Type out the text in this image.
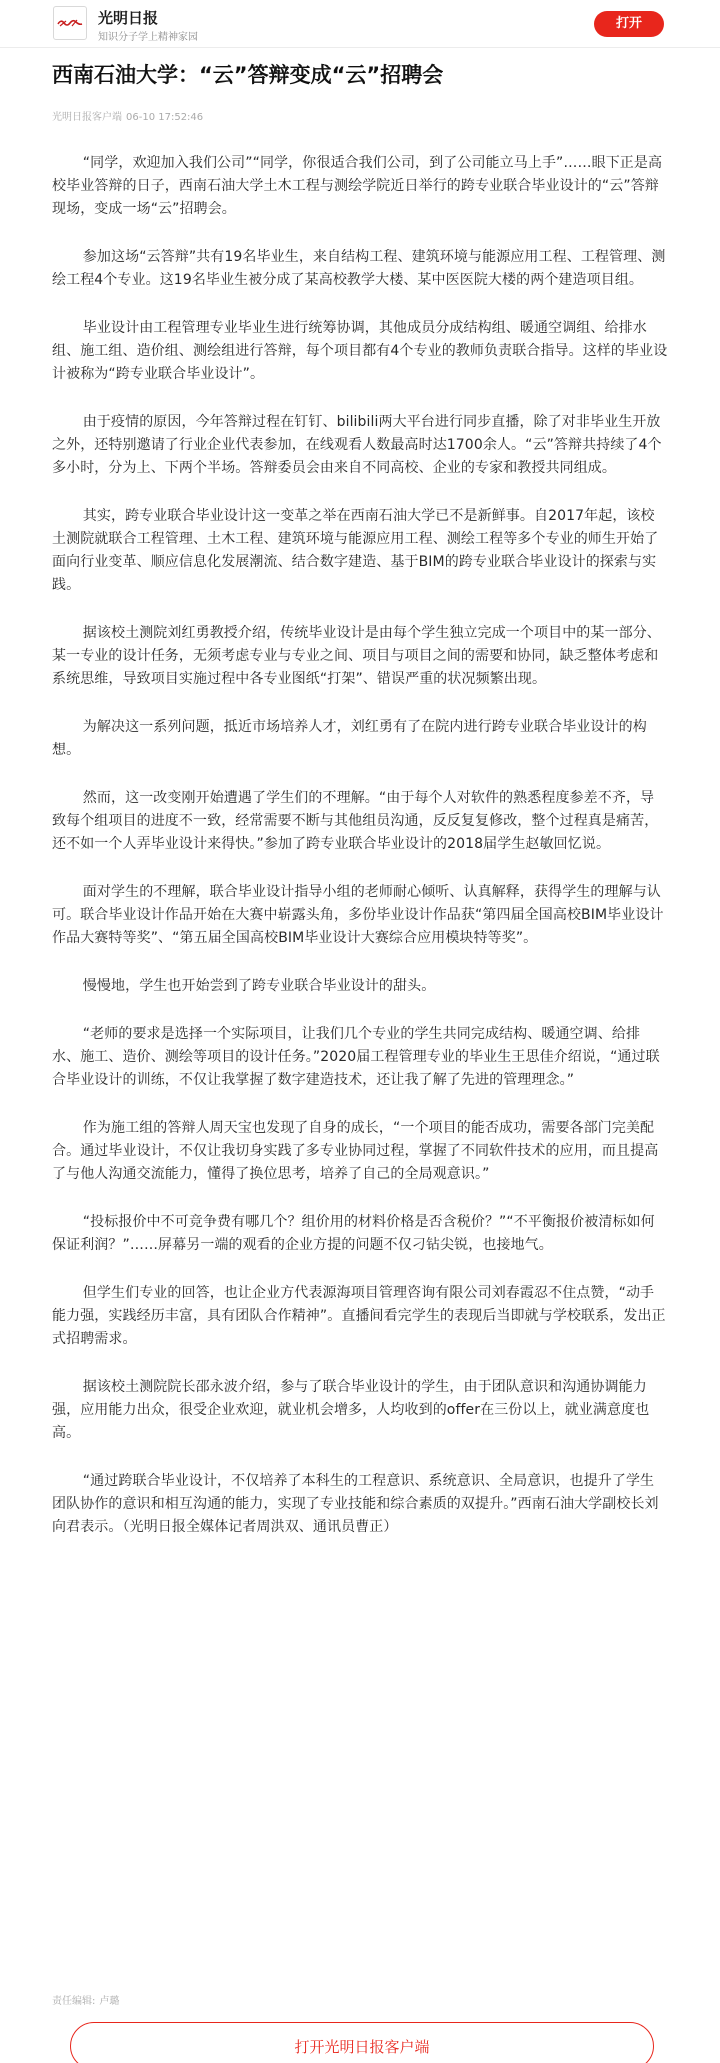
光明日报
知识分子学上精神家园
打开
西南石油大学：“云”答辩变成“云”招聘会
光明日报客户端 06-10 17:52:46

“同学，欢迎加入我们公司”“同学，你很适合我们公司，到了公司能立马上手”……眼下正是高校毕业答辩的日子，西南石油大学土木工程与测绘学院近日举行的跨专业联合毕业设计的“云”答辩现场，变成一场“云”招聘会。

参加这场“云答辩”共有19名毕业生，来自结构工程、建筑环境与能源应用工程、工程管理、测绘工程4个专业。这19名毕业生被分成了某高校教学大楼、某中医医院大楼的两个建造项目组。

毕业设计由工程管理专业毕业生进行统筹协调，其他成员分成结构组、暖通空调组、给排水组、施工组、造价组、测绘组进行答辩，每个项目都有4个专业的教师负责联合指导。这样的毕业设计被称为“跨专业联合毕业设计”。

由于疫情的原因，今年答辩过程在钉钉、bilibili两大平台进行同步直播，除了对非毕业生开放之外，还特别邀请了行业企业代表参加，在线观看人数最高时达1700余人。“云”答辩共持续了4个多小时，分为上、下两个半场。答辩委员会由来自不同高校、企业的专家和教授共同组成。

其实，跨专业联合毕业设计这一变革之举在西南石油大学已不是新鲜事。自2017年起，该校土测院就联合工程管理、土木工程、建筑环境与能源应用工程、测绘工程等多个专业的师生开始了面向行业变革、顺应信息化发展潮流、结合数字建造、基于BIM的跨专业联合毕业设计的探索与实践。

据该校土测院刘红勇教授介绍，传统毕业设计是由每个学生独立完成一个项目中的某一部分、某一专业的设计任务，无须考虑专业与专业之间、项目与项目之间的需要和协同，缺乏整体考虑和系统思维，导致项目实施过程中各专业图纸“打架”、错误严重的状况频繁出现。

为解决这一系列问题，抵近市场培养人才，刘红勇有了在院内进行跨专业联合毕业设计的构想。

然而，这一改变刚开始遭遇了学生们的不理解。“由于每个人对软件的熟悉程度参差不齐，导致每个组项目的进度不一致，经常需要不断与其他组员沟通，反反复复修改，整个过程真是痛苦，还不如一个人弄毕业设计来得快。”参加了跨专业联合毕业设计的2018届学生赵敏回忆说。

面对学生的不理解，联合毕业设计指导小组的老师耐心倾听、认真解释，获得学生的理解与认可。联合毕业设计作品开始在大赛中崭露头角，多份毕业设计作品获“第四届全国高校BIM毕业设计作品大赛特等奖”、“第五届全国高校BIM毕业设计大赛综合应用模块特等奖”。

慢慢地，学生也开始尝到了跨专业联合毕业设计的甜头。

“老师的要求是选择一个实际项目，让我们几个专业的学生共同完成结构、暖通空调、给排水、施工、造价、测绘等项目的设计任务。”2020届工程管理专业的毕业生王思佳介绍说，“通过联合毕业设计的训练，不仅让我掌握了数字建造技术，还让我了解了先进的管理理念。”

作为施工组的答辩人周天宝也发现了自身的成长，“一个项目的能否成功，需要各部门完美配合。通过毕业设计，不仅让我切身实践了多专业协同过程，掌握了不同软件技术的应用，而且提高了与他人沟通交流能力，懂得了换位思考，培养了自己的全局观意识。”

“投标报价中不可竞争费有哪几个？组价用的材料价格是否含税价？”“不平衡报价被清标如何保证利润？”……屏幕另一端的观看的企业方提的问题不仅刁钻尖锐，也接地气。

但学生们专业的回答，也让企业方代表源海项目管理咨询有限公司刘春霞忍不住点赞，“动手能力强，实践经历丰富，具有团队合作精神”。直播间看完学生的表现后当即就与学校联系，发出正式招聘需求。

据该校土测院院长邵永波介绍，参与了联合毕业设计的学生，由于团队意识和沟通协调能力强，应用能力出众，很受企业欢迎，就业机会增多，人均收到的offer在三份以上，就业满意度也高。

“通过跨联合毕业设计，不仅培养了本科生的工程意识、系统意识、全局意识，也提升了学生团队协作的意识和相互沟通的能力，实现了专业技能和综合素质的双提升。”西南石油大学副校长刘向君表示。（光明日报全媒体记者周洪双、通讯员曹正）

责任编辑: 卢璐
打开光明日报客户端
